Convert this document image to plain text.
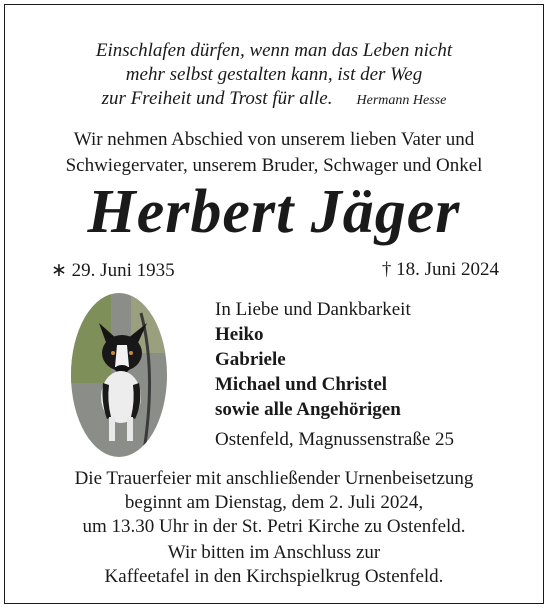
Einschlafen dürfen, wenn man das Leben nicht
mehr selbst gestalten kann, ist der Weg
zur Freiheit und Trost für alle. Hermann Hesse
Wir nehmen Abschied von unserem lieben Vater und
Schwiegervater, unserem Bruder, Schwager und Onkel
Herbert Jäger
∗ 29. Juni 1935	† 18. Juni 2024
In Liebe und Dankbarkeit
Heiko
Gabriele
Michael und Christel
sowie alle Angehörigen
Ostenfeld, Magnussenstraße 25
Die Trauerfeier mit anschließender Urnenbeisetzung
beginnt am Dienstag, dem 2. Juli 2024,
um 13.30 Uhr in der St. Petri Kirche zu Ostenfeld.
Wir bitten im Anschluss zur
Kaffeetafel in den Kirchspielkrug Ostenfeld.
